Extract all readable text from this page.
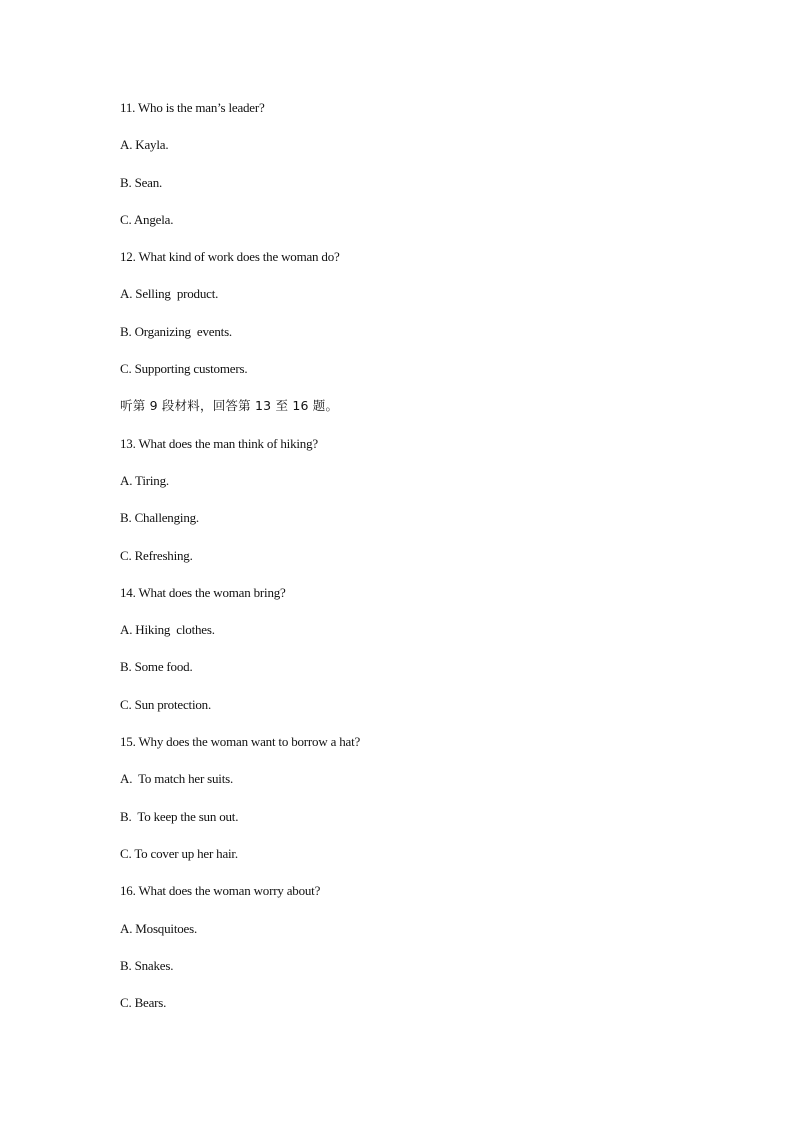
11. Who is the man’s leader?
A. Kayla.
B. Sean.
C. Angela.
12. What kind of work does the woman do?
A. Selling  product.
B. Organizing  events.
C. Supporting customers.
听第 9 段材料，回答第 13 至 16 题。
13. What does the man think of hiking?
A. Tiring.
B. Challenging.
C. Refreshing.
14. What does the woman bring?
A. Hiking  clothes.
B. Some food.
C. Sun protection.
15. Why does the woman want to borrow a hat?
A.  To match her suits.
B.  To keep the sun out.
C. To cover up her hair.
16. What does the woman worry about?
A. Mosquitoes.
B. Snakes.
C. Bears.
